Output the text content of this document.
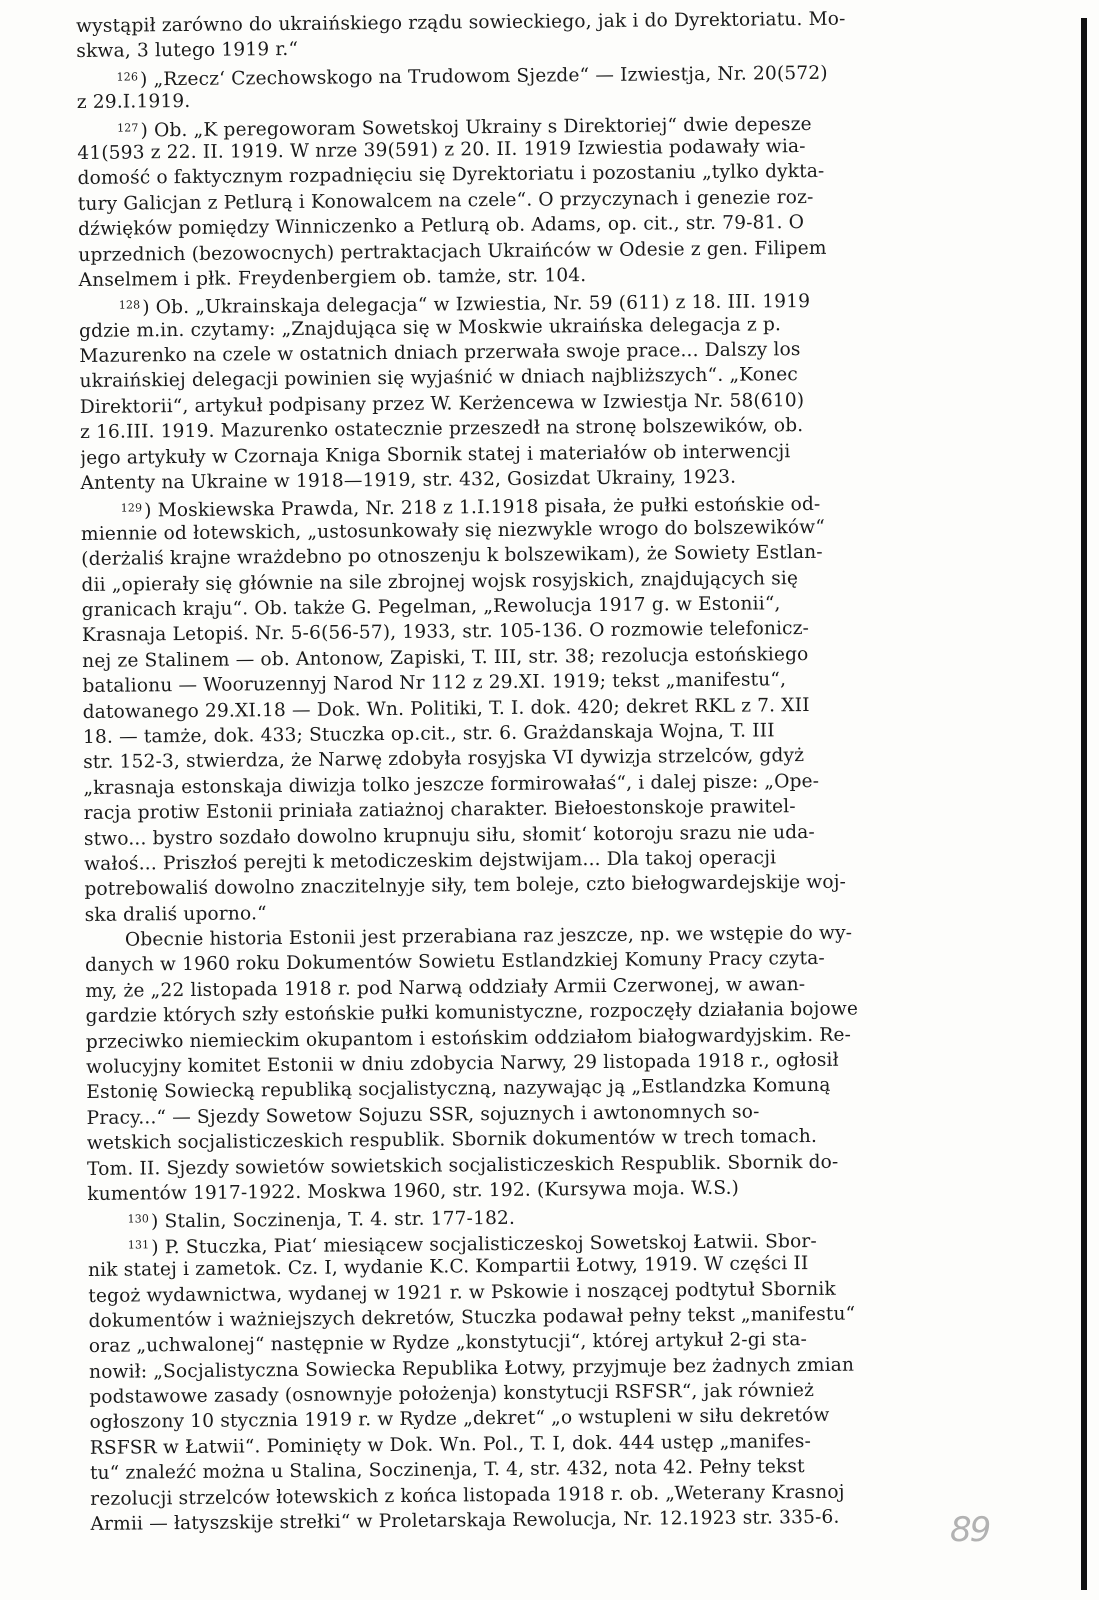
wystąpił zarówno do ukraińskiego rządu sowieckiego, jak i do Dyrektoriatu. Mo-
skwa, 3 lutego 1919 r.“
$^{126}$ ) „Rzecz‘ Czechowskogo na Trudowom Sjezde“ — Izwiestja, Nr. 20(572)
z 29.I.1919.
$^{127}$ ) Ob. „K peregoworam Sowetskoj Ukrainy s Direktoriej“ dwie depesze
41(593 z 22. II. 1919. W nrze 39(591) z 20. II. 1919 Izwiestia podawały wia-
domość o faktycznym rozpadnięciu się Dyrektoriatu i pozostaniu „tylko dykta-
tury Galicjan z Petlurą i Konowalcem na czele“. O przyczynach i genezie roz-
dźwięków pomiędzy Winniczenko a Petlurą ob. Adams, op. cit., str. 79-81. O
uprzednich (bezowocnych) pertraktacjach Ukraińców w Odesie z gen. Filipem
Anselmem i płk. Freydenbergiem ob. tamże, str. 104.
$^{128}$ ) Ob. „Ukrainskaja delegacja“ w Izwiestia, Nr. 59 (611) z 18. III. 1919
gdzie m.in. czytamy: „Znajdująca się w Moskwie ukraińska delegacja z p.
Mazurenko na czele w ostatnich dniach przerwała swoje prace... Dalszy los
ukraińskiej delegacji powinien się wyjaśnić w dniach najbliższych“. „Konec
Direktorii“, artykuł podpisany przez W. Kerżencewa w Izwiestja Nr. 58(610)
z 16.III. 1919. Mazurenko ostatecznie przeszedł na stronę bolszewików, ob.
jego artykuły w Czornaja Kniga Sbornik statej i materiałów ob interwencji
Antenty na Ukraine w 1918—1919, str. 432, Gosizdat Ukrainy, 1923.
$^{129}$ ) Moskiewska Prawda, Nr. 218 z 1.I.1918 pisała, że pułki estońskie od-
miennie od łotewskich, „ustosunkowały się niezwykle wrogo do bolszewików“
(derżaliś krajne wrażdebno po otnoszenju k bolszewikam), że Sowiety Estlan-
dii „opierały się głównie na sile zbrojnej wojsk rosyjskich, znajdujących się
granicach kraju“. Ob. także G. Pegelman, „Rewolucja 1917 g. w Estonii“,
Krasnaja Letopiś. Nr. 5-6(56-57), 1933, str. 105-136. O rozmowie telefonicz-
nej ze Stalinem — ob. Antonow, Zapiski, T. III, str. 38; rezolucja estońskiego
batalionu — Wooruzennyj Narod Nr 112 z 29.XI. 1919; tekst „manifestu“,
datowanego 29.XI.18 — Dok. Wn. Politiki, T. I. dok. 420; dekret RKL z 7. XII
18. — tamże, dok. 433; Stuczka op.cit., str. 6. Grażdanskaja Wojna, T. III
str. 152-3, stwierdza, że Narwę zdobyła rosyjska VI dywizja strzelców, gdyż
„krasnaja estonskaja diwizja tolko jeszcze formirowałaś“, i dalej pisze: „Ope-
racja protiw Estonii priniała zatiażnoj charakter. Biełoestonskoje prawitel-
stwo... bystro sozdało dowolno krupnuju siłu, słomit‘ kotoroju srazu nie uda-
wałoś... Priszłoś perejti k metodiczeskim dejstwijam... Dla takoj operacji
potrebowaliś dowolno znaczitelnyje siły, tem boleje, czto biełogwardejskije woj-
ska draliś uporno.“
Obecnie historia Estonii jest przerabiana raz jeszcze, np. we wstępie do wy-
danych w 1960 roku Dokumentów Sowietu Estlandzkiej Komuny Pracy czyta-
my, że „22 listopada 1918 r. pod Narwą oddziały Armii Czerwonej, w awan-
gardzie których szły estońskie pułki komunistyczne, rozpoczęły działania bojowe
przeciwko niemieckim okupantom i estońskim oddziałom białogwardyjskim. Re-
wolucyjny komitet Estonii w dniu zdobycia Narwy, 29 listopada 1918 r., ogłosił
Estonię Sowiecką republiką socjalistyczną, nazywając ją „Estlandzka Komuną
Pracy...“ — Sjezdy Sowetow Sojuzu SSR, sojuznych i awtonomnych so-
wetskich socjalisticzeskich respublik. Sbornik dokumentów w trech tomach.
Tom. II. Sjezdy sowietów sowietskich socjalisticzeskich Respublik. Sbornik do-
kumentów 1917-1922. Moskwa 1960, str. 192. (Kursywa moja. W.S.)
$^{130}$ ) Stalin, Soczinenja, T. 4. str. 177-182.
$^{131}$ ) P. Stuczka, Piat‘ miesiącew socjalisticzeskoj Sowetskoj Łatwii. Sbor-
nik statej i zametok. Cz. I, wydanie K.C. Kompartii Łotwy, 1919. W części II
tegoż wydawnictwa, wydanej w 1921 r. w Pskowie i noszącej podtytuł Sbornik
dokumentów i ważniejszych dekretów, Stuczka podawał pełny tekst „manifestu“
oraz „uchwalonej“ następnie w Rydze „konstytucji“, której artykuł 2-gi sta-
nowił: „Socjalistyczna Sowiecka Republika Łotwy, przyjmuje bez żadnych zmian
podstawowe zasady (osnownyje położenja) konstytucji RSFSR“, jak również
ogłoszony 10 stycznia 1919 r. w Rydze „dekret“ „o wstupleni w siłu dekretów
RSFSR w Łatwii“. Pominięty w Dok. Wn. Pol., T. I, dok. 444 ustęp „manifes-
tu“ znaleźć można u Stalina, Soczinenja, T. 4, str. 432, nota 42. Pełny tekst
rezolucji strzelców łotewskich z końca listopada 1918 r. ob. „Weterany Krasnoj
Armii — łatyszskije strełki“ w Proletarskaja Rewolucja, Nr. 12.1923 str. 335-6.	89
